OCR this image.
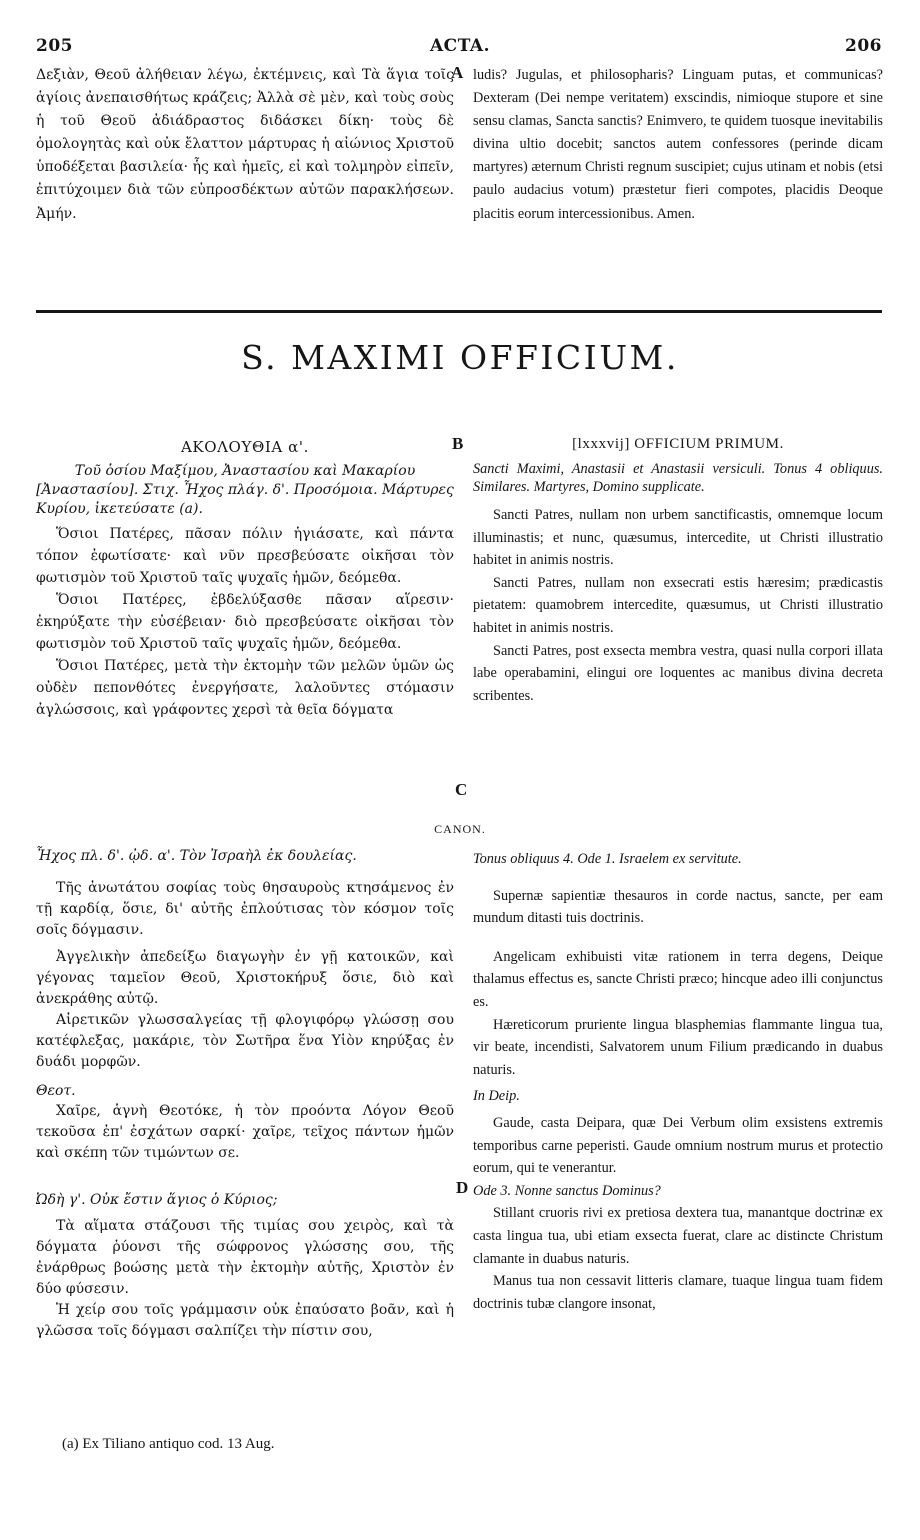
205	ACTA.	206
Δεξιὰν, Θεοῦ ἀλήθειαν λέγω, ἐκτέμνεις, καὶ Τὰ ἅγια τοῖς ἁγίοις ἀνεπαισθήτως κράζεις; Ἀλλὰ σὲ μὲν, καὶ τοὺς σοὺς ἡ τοῦ Θεοῦ ἀδιάδραστος διδάσκει δίκη· τοὺς δὲ ὁμολογητὰς καὶ οὐκ ἔλαττον μάρτυρας ἡ αἰώνιος Χριστοῦ ὑποδέξεται βασιλεία· ἧς καὶ ἡμεῖς, εἰ καὶ τολμηρὸν εἰπεῖν, ἐπιτύχοιμεν διὰ τῶν εὐπροσδέκτων αὐτῶν παρακλήσεων. Ἀμήν.
A ludis? Jugulas, et philosopharis? Linguam putas, et communicas? Dexteram (Dei nempe veritatem) exscindis, nimioque stupore et sine sensu clamas, Sancta sanctis? Enimvero, te quidem tuosque inevitabilis divina ultio docebit; sanctos autem confessores (perinde dicam martyres) æternum Christi regnum suscipiet; cujus utinam et nobis (etsi paulo audacius votum) præstetur fieri compotes, placidis Deoque placitis eorum intercessionibus. Amen.
S. MAXIMI OFFICIUM.
ΑΚΟΛΟΥΘΙΑ α'.	B	[lxxxvij] OFFICIUM PRIMUM.

Τοῦ ὁσίου Μαξίμου, Ἀναστασίου καὶ Μακαρίου [Ἀναστασίου]. Στιχ. Ἦχος πλάγ. δ'. Προσόμοια. Μάρτυρες Κυρίου, ἱκετεύσατε (a).

Ὅσιοι Πατέρες, πᾶσαν πόλιν ἡγιάσατε, καὶ πάντα τόπον ἐφωτίσατε· καὶ νῦν πρεσβεύσατε οἰκῆσαι τὸν φωτισμὸν τοῦ Χριστοῦ ταῖς ψυχαῖς ἡμῶν, δεόμεθα.

Ὅσιοι Πατέρες, ἐβδελύξασθε πᾶσαν αἵρεσιν· ἐκηρύξατε τὴν εὐσέβειαν· διὸ πρεσβεύσατε οἰκῆσαι τὸν φωτισμὸν τοῦ Χριστοῦ ταῖς ψυχαῖς ἡμῶν, δεόμεθα.

Ὅσιοι Πατέρες, μετὰ τὴν ἐκτομὴν τῶν μελῶν ὑμῶν ὡς οὐδὲν πεπονθότες ἐνεργήσατε, λαλοῦντες στόμασιν ἀγλώσσοις, καὶ γράφοντες χερσὶ τὰ θεῖα δόγματα

Sancti Maximi, Anastasii et Anastasii versiculi. Tonus 4 obliquus. Similares. Martyres, Domino supplicate.

Sancti Patres, nullam non urbem sanctificastis, omnemque locum illuminastis; et nunc, quæsumus, intercedite, ut Christi illustratio habitet in animis nostris.

Sancti Patres, nullam non exsecrati estis hæresim; prædicastis pietatem: quamobrem intercedite, quæsumus, ut Christi illustratio habitet in animis nostris.

Sancti Patres, post exsecta membra vestra, quasi nulla corpori illata labe operabamini, elingui ore loquentes ac manibus divina decreta scribentes.

C
CANON.

Ἦχος πλ. δ'. ᾠδ. α'. Τὸν Ἰσραὴλ ἐκ δουλείας.

Τῆς ἀνωτάτου σοφίας τοὺς θησαυροὺς κτησάμενος ἐν τῇ καρδίᾳ, ὅσιε, δι' αὐτῆς ἐπλούτισας τὸν κόσμον τοῖς σοῖς δόγμασιν.

Ἀγγελικὴν ἀπεδείξω διαγωγὴν ἐν γῇ κατοικῶν, καὶ γέγονας ταμεῖον Θεοῦ, Χριστοκήρυξ ὅσιε, διὸ καὶ ἀνεκράθης αὐτῷ.

Αἱρετικῶν γλωσσαλγείας τῇ φλογιφόρῳ γλώσσῃ σου κατέφλεξας, μακάριε, τὸν Σωτῆρα ἕνα Υἱὸν κηρύξας ἐν δυάδι μορφῶν.

Θεοτ.

Χαῖρε, ἁγνὴ Θεοτόκε, ἡ τὸν προόντα Λόγον Θεοῦ τεκοῦσα ἐπ' ἐσχάτων σαρκί· χαῖρε, τεῖχος πάντων ἡμῶν καὶ σκέπη τῶν τιμώντων σε.

Ὠδὴ γ'. Οὐκ ἔστιν ἅγιος ὁ Κύριος;

Τὰ αἵματα στάζουσι τῆς τιμίας σου χειρὸς, καὶ τὰ δόγματα ῥύονσι τῆς σώφρονος γλώσσης σου, τῆς ἐνάρθρως βοώσης μετὰ τὴν ἐκτομὴν αὐτῆς, Χριστὸν ἐν δύο φύσεσιν.

Ἡ χείρ σου τοῖς γράμμασιν οὐκ ἐπαύσατο βοᾶν, καὶ ἡ γλῶσσα τοῖς δόγμασι σαλπίζει τὴν πίστιν σου,

D

Tonus obliquus 4. Ode 1. Israelem ex servitute.

Supernæ sapientiæ thesauros in corde nactus, sancte, per eam mundum ditasti tuis doctrinis.

Angelicam exhibuisti vitæ rationem in terra degens, Deique thalamus effectus es, sancte Christi præco; hincque adeo illi conjunctus es.

Hæreticorum pruriente lingua blasphemias flammante lingua tua, vir beate, incendisti, Salvatorem unum Filium prædicando in duabus naturis.

In Deip.

Gaude, casta Deipara, quæ Dei Verbum olim exsistens extremis temporibus carne peperisti. Gaude omnium nostrum murus et protectio eorum, qui te venerantur.

Ode 3. Nonne sanctus Dominus?

Stillant cruoris rivi ex pretiosa dextera tua, manantque doctrinæ ex casta lingua tua, ubi etiam exsecta fuerat, clare ac distincte Christum clamante in duabus naturis.

Manus tua non cessavit litteris clamare, tuaque lingua tuam fidem doctrinis tubæ clangore insonat,

(a) Ex Tiliano antiquo cod. 13 Aug.
